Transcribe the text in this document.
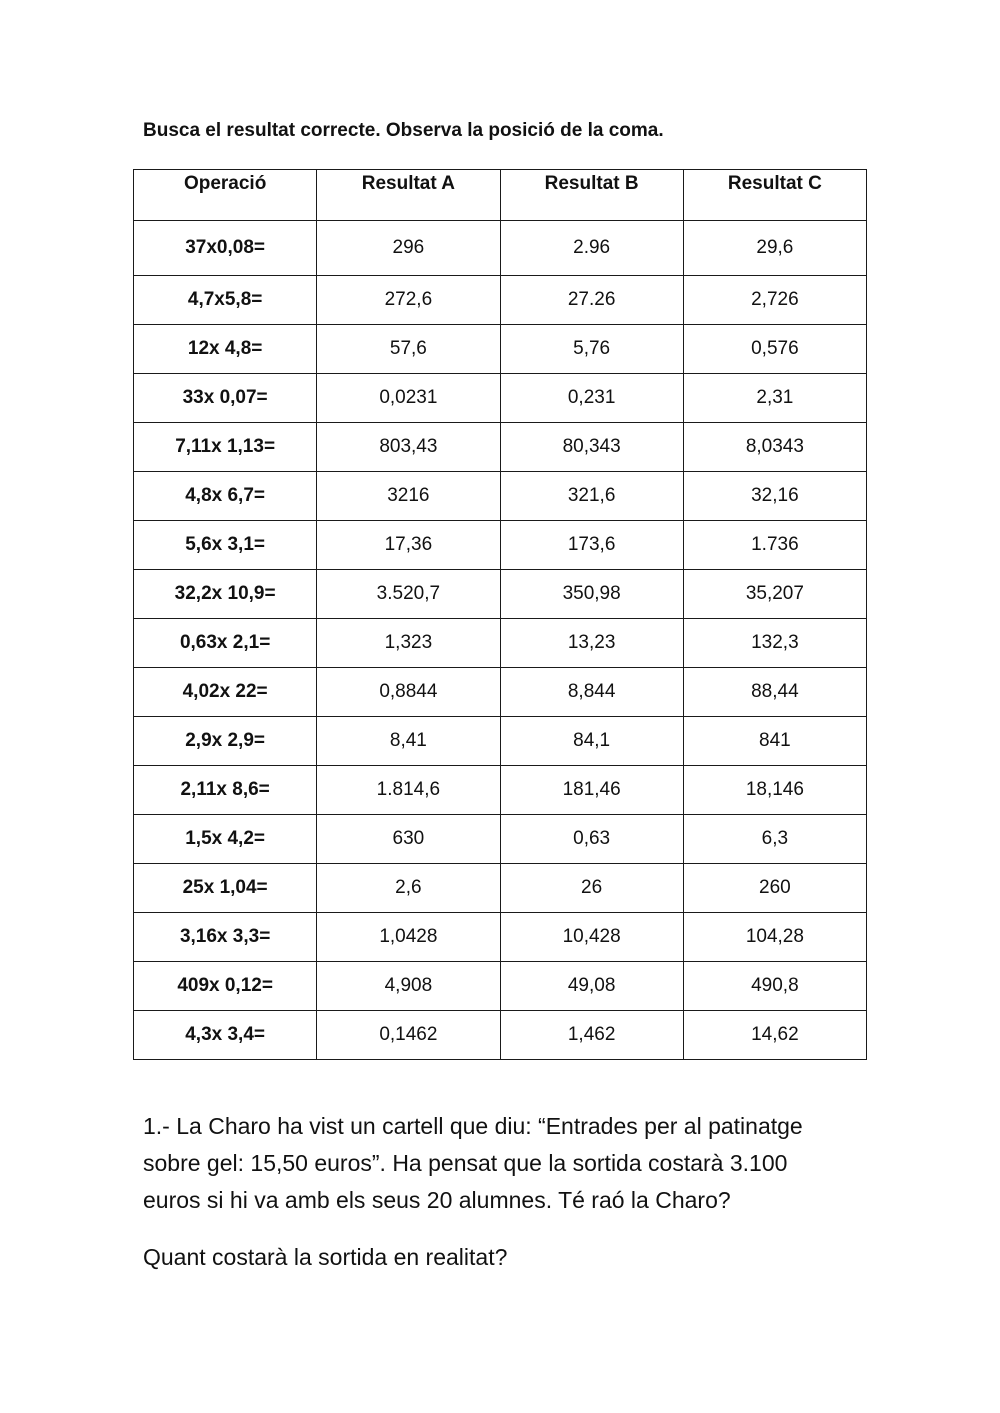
Busca el resultat correcte. Observa la posició de la coma.
Operació	Resultat A	Resultat B	Resultat C
37x0,08=	296	2.96	29,6
4,7x5,8=	272,6	27.26	2,726
12x 4,8=	57,6	5,76	0,576
33x 0,07=	0,0231	0,231	2,31
7,11x 1,13=	803,43	80,343	8,0343
4,8x 6,7=	3216	321,6	32,16
5,6x 3,1=	17,36	173,6	1.736
32,2x 10,9=	3.520,7	350,98	35,207
0,63x 2,1=	1,323	13,23	132,3
4,02x 22=	0,8844	8,844	88,44
2,9x 2,9=	8,41	84,1	841
2,11x 8,6=	1.814,6	181,46	18,146
1,5x 4,2=	630	0,63	6,3
25x 1,04=	2,6	26	260
3,16x 3,3=	1,0428	10,428	104,28
409x 0,12=	4,908	49,08	490,8
4,3x 3,4=	0,1462	1,462	14,62
1.- La Charo ha vist un cartell que diu: “Entrades per al patinatge
sobre gel: 15,50 euros”. Ha pensat que la sortida costarà 3.100
euros si hi va amb els seus 20 alumnes. Té raó la Charo?
Quant costarà la sortida en realitat?
